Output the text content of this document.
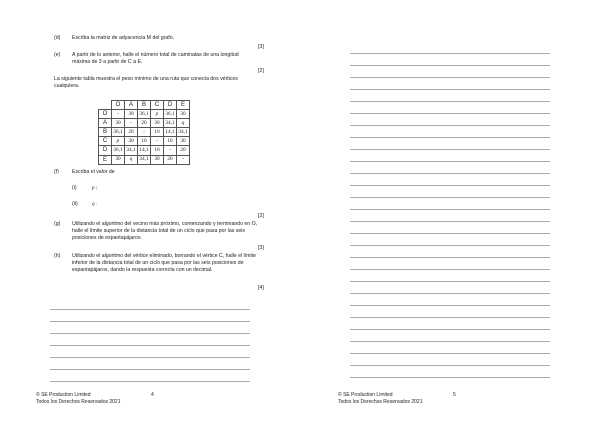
(d)	Escriba la matriz de adyacencia M del grafo.
[3]
(e)	A partir de lo anterior, halle el número total de caminatas de una longitud máxima de 3 a partir de C a E.
[2]
La siguiente tabla muestra el peso mínimo de una ruta que conecta dos vértices cualquiera.
	O	A	B	C	D	E
O	-	30	36,1	p	36,1	30
A	30	-	20	30	34,1	q
B	36,1	20	-	10	14,1	34,1
C	p	30	10	-	10	30
D	36,1	34,1	14,1	10	-	20
E	30	q	34,1	30	20	-
(f)	Escriba el valor de
(i)	p ;
(ii)	q .
[2]
(g)	Utilizando el algoritmo del vecino más próximo, comenzando y terminando en O, halle el límite superior de la distancia total de un ciclo que pasa por las seis posiciones de espantapájaros.
[3]
(h)	Utilizando el algoritmo del vértice eliminado, borrando el vértice C, halle el límite inferior de la distancia total de un ciclo que pasa por las seis posiciones de espantapájaros, dando la respuesta correcta con un decimal.
[4]
© SE Production Limited
Todos los Derechos Reservados 2021
4	© SE Production Limited
Todos los Derechos Reservados 2021
5
